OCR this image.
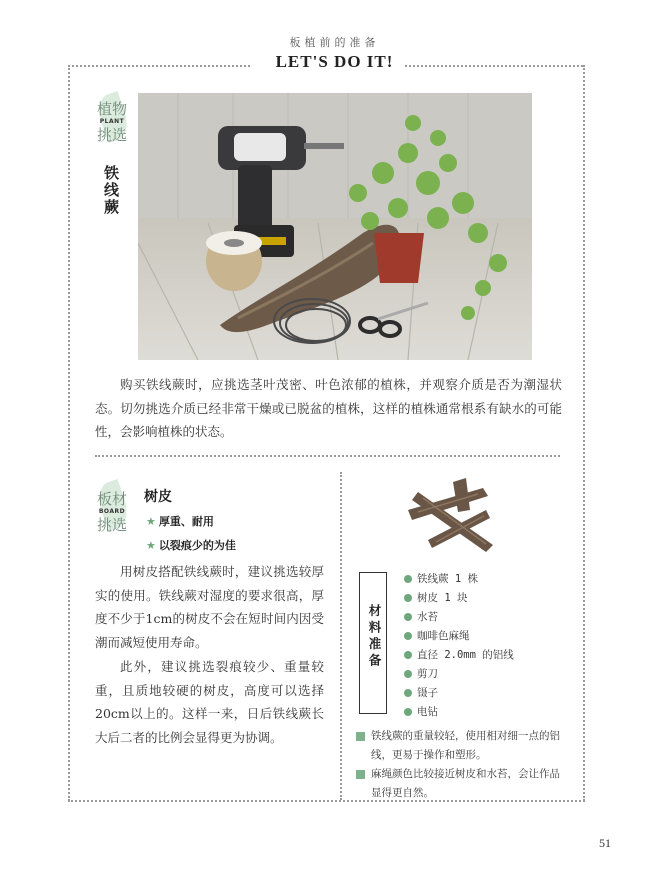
板植前的准备
LET'S DO IT!
植物
PLANT
挑选
铁线蕨
购买铁线蕨时，应挑选茎叶茂密、叶色浓郁的植株，并观察介质是否为潮湿状态。切勿挑选介质已经非常干燥或已脱盆的植株，这样的植株通常根系有缺水的可能性，会影响植株的状态。
板材
BOARD
挑选
树皮
★ 厚重、耐用
★ 以裂痕少的为佳
用树皮搭配铁线蕨时，建议挑选较厚实的使用。铁线蕨对湿度的要求很高，厚度不少于1cm的树皮不会在短时间内因受潮而减短使用寿命。
此外，建议挑选裂痕较少、重量较重，且质地较硬的树皮，高度可以选择20cm以上的。这样一来，日后铁线蕨长大后二者的比例会显得更为协调。
材料准备
铁线蕨 1 株
树皮 1 块
水苔
咖啡色麻绳
直径 2.0mm 的铝线
剪刀
镊子
电钻
铁线蕨的重量较轻，使用相对细一点的铝线，更易于操作和塑形。
麻绳颜色比较接近树皮和水苔，会让作品显得更自然。
51
